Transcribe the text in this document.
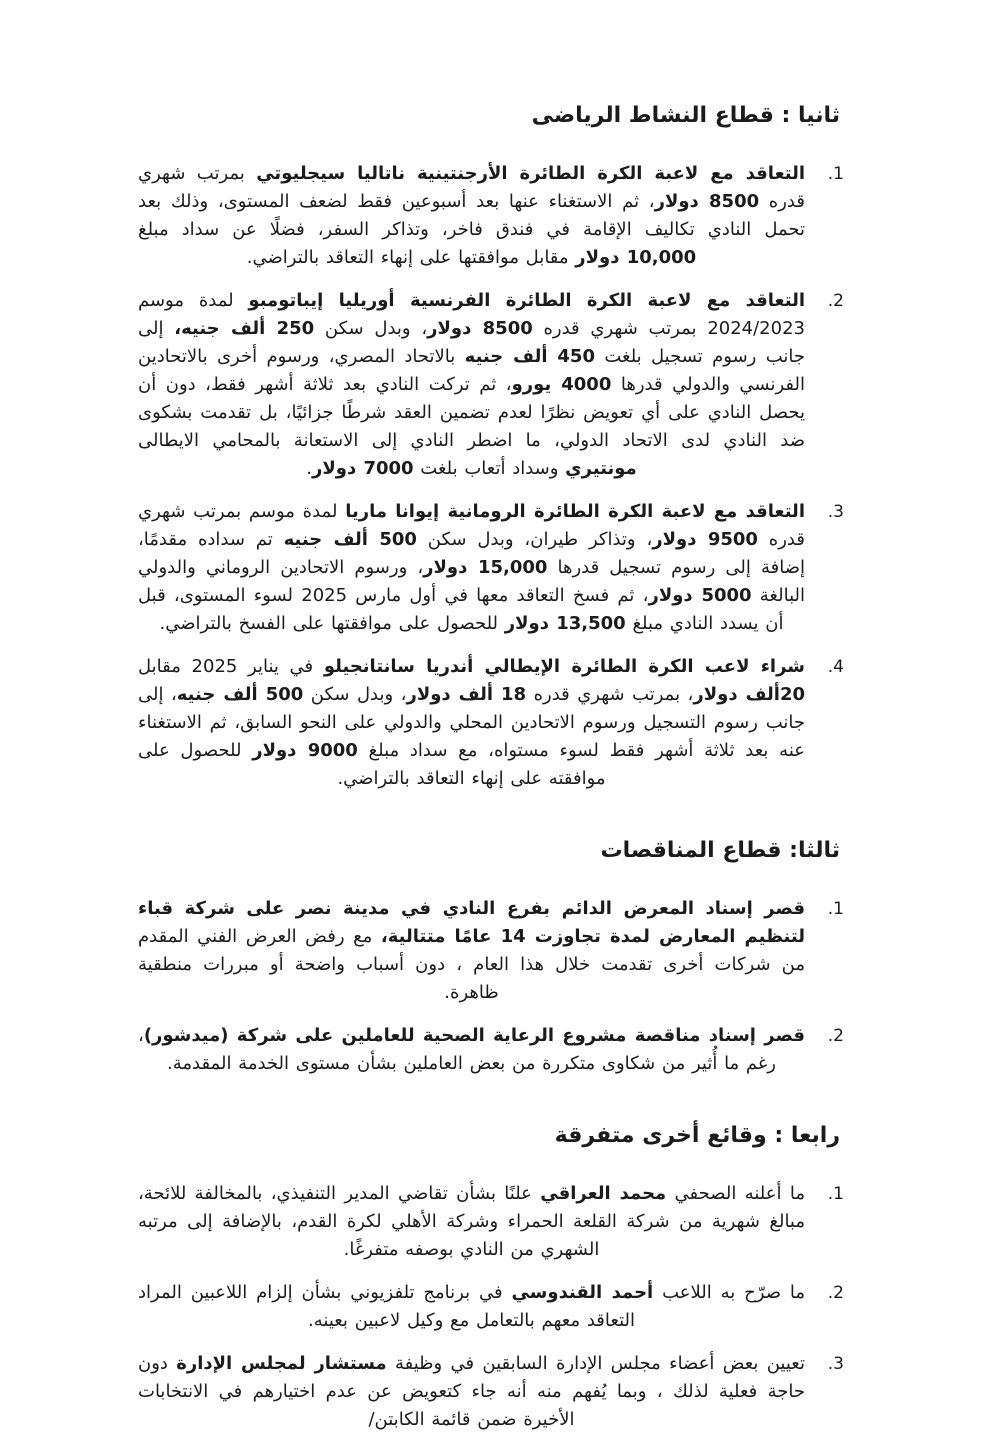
ثانيا : قطاع النشاط الرياضى
1.

التعاقد مع لاعبة الكرة الطائرة الأرجنتينية ناتاليا سيجليوتي بمرتب شهري قدره 8500 دولار، ثم الاستغناء عنها بعد أسبوعين فقط لضعف المستوى، وذلك بعد تحمل النادي تكاليف الإقامة في فندق فاخر، وتذاكر السفر، فضلًا عن سداد مبلغ 10,000 دولار مقابل موافقتها على إنهاء التعاقد بالتراضي.

2.

التعاقد مع لاعبة الكرة الطائرة الفرنسية أوريليا إيباتومبو لمدة موسم 2024/2023 بمرتب شهري قدره 8500 دولار، وبدل سكن 250 ألف جنيه، إلى جانب رسوم تسجيل بلغت 450 ألف جنيه بالاتحاد المصري، ورسوم أخرى بالاتحادين الفرنسي والدولي قدرها 4000 يورو، ثم تركت النادي بعد ثلاثة أشهر فقط، دون أن يحصل النادي على أي تعويض نظرًا لعدم تضمين العقد شرطًا جزائيًا، بل تقدمت بشكوى ضد النادي لدى الاتحاد الدولي، ما اضطر النادي إلى الاستعانة بالمحامي الايطالى مونتيري وسداد أتعاب بلغت 7000 دولار.

3.

التعاقد مع لاعبة الكرة الطائرة الرومانية إيوانا ماريا لمدة موسم بمرتب شهري قدره 9500 دولار، وتذاكر طيران، وبدل سكن 500 ألف جنيه تم سداده مقدمًا، إضافة إلى رسوم تسجيل قدرها 15,000 دولار، ورسوم الاتحادين الروماني والدولي البالغة 5000 دولار، ثم فسخ التعاقد معها في أول مارس 2025 لسوء المستوى، قبل أن يسدد النادي مبلغ 13,500 دولار للحصول على موافقتها على الفسخ بالتراضي.

4.

شراء لاعب الكرة الطائرة الإيطالي أندريا سانتانجيلو في يناير 2025 مقابل 20ألف دولار، بمرتب شهري قدره 18 ألف دولار، وبدل سكن 500 ألف جنيه، إلى جانب رسوم التسجيل ورسوم الاتحادين المحلي والدولي على النحو السابق، ثم الاستغناء عنه بعد ثلاثة أشهر فقط لسوء مستواه، مع سداد مبلغ 9000 دولار للحصول على موافقته على إنهاء التعاقد بالتراضي.

ثالثا: قطاع المناقصات
1.

قصر إسناد المعرض الدائم بفرع النادي في مدينة نصر على شركة قباء لتنظيم المعارض لمدة تجاوزت 14 عامًا متتالية، مع رفض العرض الفني المقدم من شركات أخرى تقدمت خلال هذا العام ، دون أسباب واضحة أو مبررات منطقية ظاهرة.

2.

قصر إسناد مناقصة مشروع الرعاية الصحية للعاملين على شركة (ميدشور)، رغم ما أُثير من شكاوى متكررة من بعض العاملين بشأن مستوى الخدمة المقدمة.

رابعا : وقائع أخرى متفرقة
1.

ما أعلنه الصحفي محمد العراقي علنًا بشأن تقاضي المدير التنفيذي، بالمخالفة للائحة، مبالغ شهرية من شركة القلعة الحمراء وشركة الأهلي لكرة القدم، بالإضافة إلى مرتبه الشهري من النادي بوصفه متفرغًا.

2.

ما صرّح به اللاعب أحمد القندوسي في برنامج تلفزيوني بشأن إلزام اللاعبين المراد التعاقد معهم بالتعامل مع وكيل لاعبين بعينه.

3.

تعيين بعض أعضاء مجلس الإدارة السابقين في وظيفة مستشار لمجلس الإدارة دون حاجة فعلية لذلك ، وبما يُفهم منه أنه جاء كتعويض عن عدم اختيارهم في الانتخابات الأخيرة ضمن قائمة الكابتن/
